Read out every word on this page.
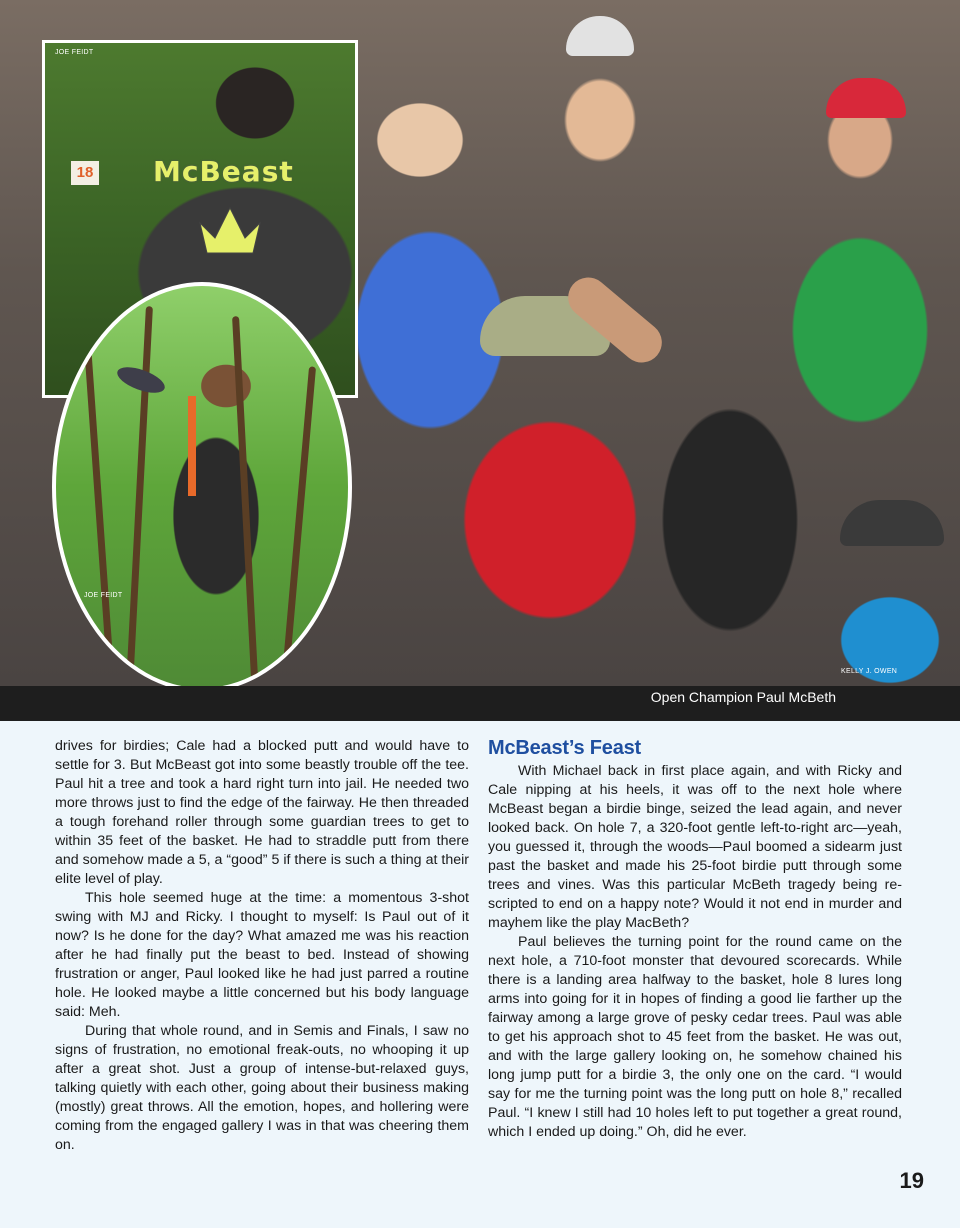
JOE FEIDT
18 McBeast
JOE FEIDT
KELLY J. OWEN
Open Champion Paul McBeth

drives for birdies; Cale had a blocked putt and would have to settle for 3. But McBeast got into some beastly trouble off the tee. Paul hit a tree and took a hard right turn into jail. He needed two more throws just to find the edge of the fairway. He then threaded a tough forehand roller through some guardian trees to get to within 35 feet of the basket. He had to straddle putt from there and somehow made a 5, a “good” 5 if there is such a thing at their elite level of play.

This hole seemed huge at the time: a momentous 3-shot swing with MJ and Ricky. I thought to myself: Is Paul out of it now? Is he done for the day? What amazed me was his reaction after he had finally put the beast to bed. Instead of showing frustration or anger, Paul looked like he had just parred a routine hole. He looked maybe a little concerned but his body language said: Meh.

During that whole round, and in Semis and Finals, I saw no signs of frustration, no emotional freak-outs, no whooping it up after a great shot. Just a group of intense-but-relaxed guys, talking quietly with each other, going about their business making (mostly) great throws. All the emotion, hopes, and hollering were coming from the engaged gallery I was in that was cheering them on.

McBeast’s Feast

With Michael back in first place again, and with Ricky and Cale nipping at his heels, it was off to the next hole where McBeast began a birdie binge, seized the lead again, and never looked back. On hole 7, a 320-foot gentle left-to-right arc—yeah, you guessed it, through the woods—Paul boomed a sidearm just past the basket and made his 25-foot birdie putt through some trees and vines. Was this particular McBeth tragedy being re-scripted to end on a happy note? Would it not end in murder and mayhem like the play MacBeth?

Paul believes the turning point for the round came on the next hole, a 710-foot monster that devoured scorecards. While there is a landing area halfway to the basket, hole 8 lures long arms into going for it in hopes of finding a good lie farther up the fairway among a large grove of pesky cedar trees. Paul was able to get his approach shot to 45 feet from the basket. He was out, and with the large gallery looking on, he somehow chained his long jump putt for a birdie 3, the only one on the card. “I would say for me the turning point was the long putt on hole 8,” recalled Paul. “I knew I still had 10 holes left to put together a great round, which I ended up doing.” Oh, did he ever.

19
